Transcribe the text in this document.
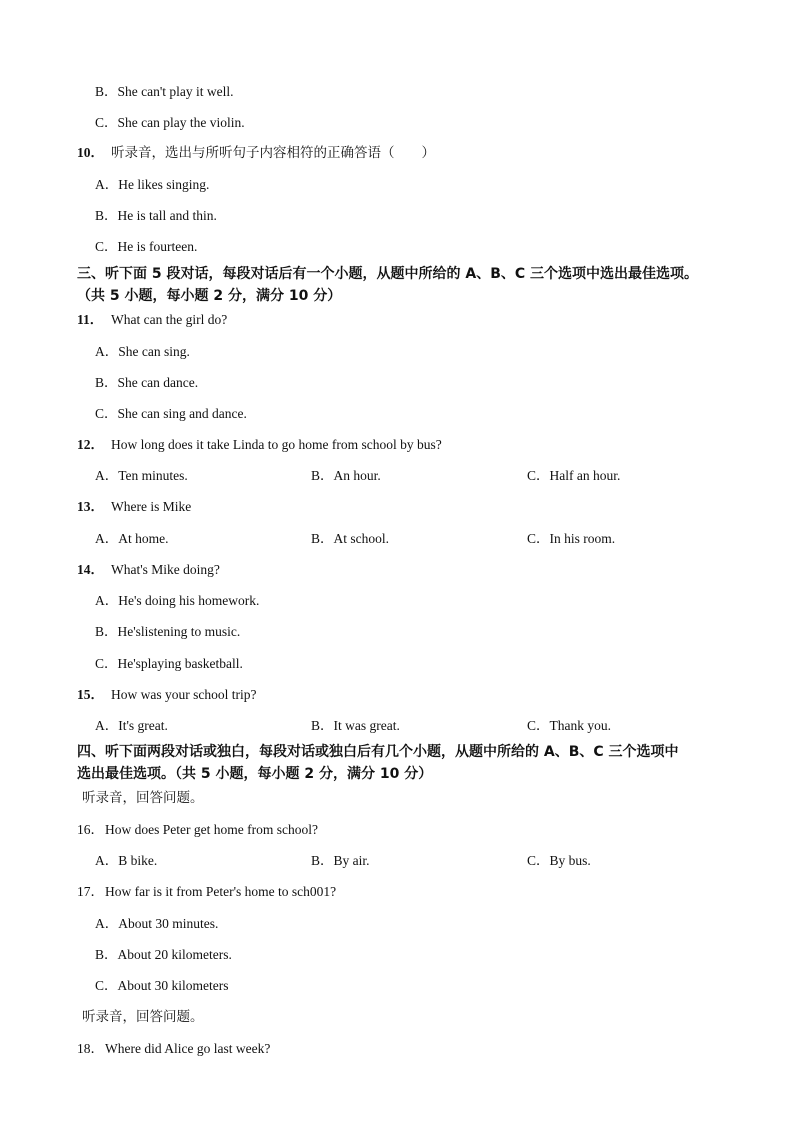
B．She can't play it well.
C．She can play the violin.
10． 听录音，选出与所听句子内容相符的正确答语（　　）
A．He likes singing.
B．He is tall and thin.
C．He is fourteen.
三、听下面 5 段对话，每段对话后有一个小题，从题中所给的 A、B、C 三个选项中选出最佳选项。
（共 5 小题，每小题 2 分，满分 10 分）
11． What can the girl do?
A．She can sing.
B．She can dance.
C．She can sing and dance.
12． How long does it take Linda to go home from school by bus?
A．Ten minutes.	B．An hour.	C．Half an hour.
13． Where is Mike
A．At home.	B．At school.	C．In his room.
14． What's Mike doing?
A．He's doing his homework.
B．He'slistening to music.
C．He'splaying basketball.
15． How was your school trip?
A．It's great.	B．It was great.	C．Thank you.
四、听下面两段对话或独白，每段对话或独白后有几个小题，从题中所给的 A、B、C 三个选项中
选出最佳选项。（共 5 小题，每小题 2 分，满分 10 分）
听录音，回答问题。
16．How does Peter get home from school?
A．B bike.	B．By air.	C．By bus.
17．How far is it from Peter's home to sch001?
A．About 30 minutes.
B．About 20 kilometers.
C．About 30 kilometers
听录音，回答问题。
18．Where did Alice go last week?
